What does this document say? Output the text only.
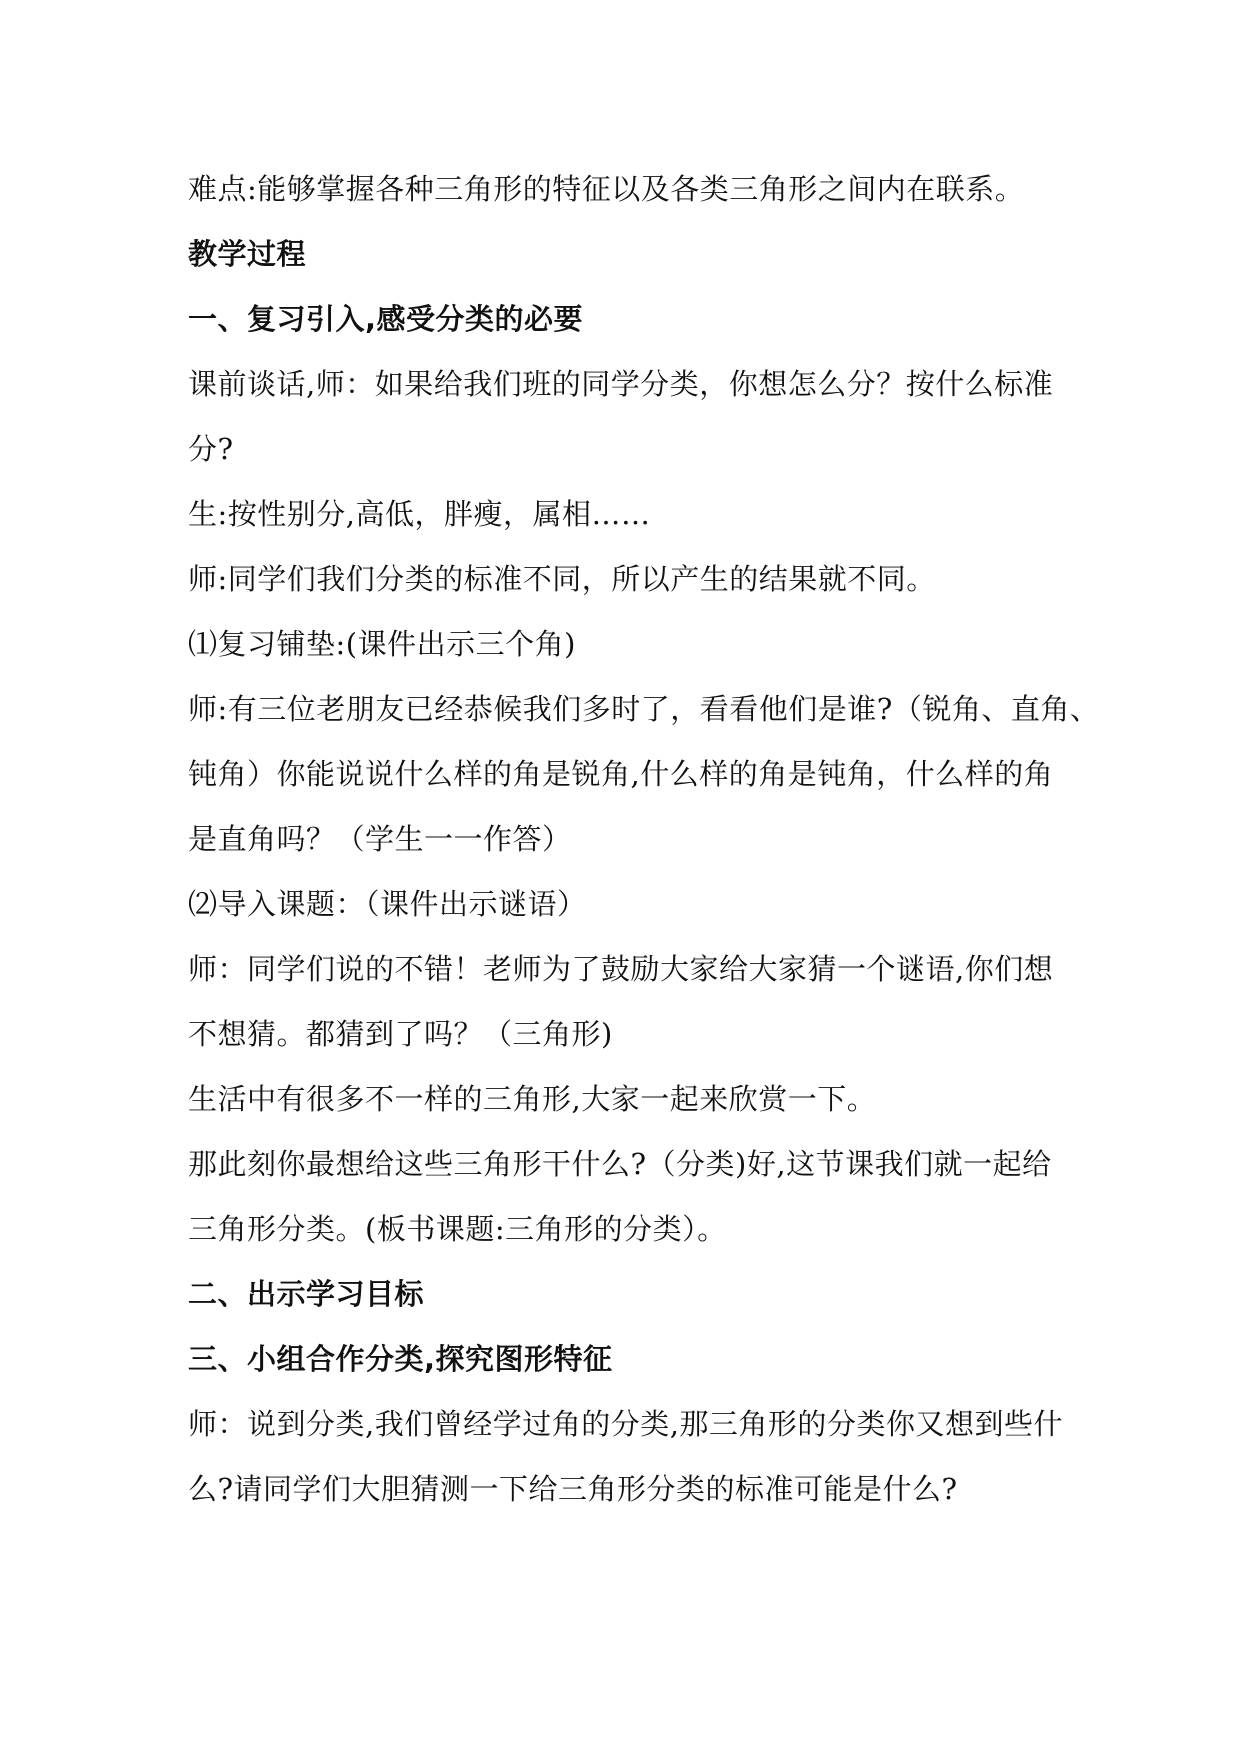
难点:能够掌握各种三角形的特征以及各类三角形之间内在联系。
教学过程
一、复习引入,感受分类的必要
课前谈话,师：如果给我们班的同学分类，你想怎么分？按什么标准
分?
生:按性别分,高低，胖瘦，属相……
师:同学们我们分类的标准不同，所以产生的结果就不同。
⑴复习铺垫:(课件出示三个角)
师:有三位老朋友已经恭候我们多时了，看看他们是谁?（锐角、直角、
钝角）你能说说什么样的角是锐角,什么样的角是钝角，什么样的角
是直角吗？（学生一一作答）
⑵导入课题：（课件出示谜语）
师：同学们说的不错！老师为了鼓励大家给大家猜一个谜语,你们想
不想猜。都猜到了吗？（三角形)
生活中有很多不一样的三角形,大家一起来欣赏一下。
那此刻你最想给这些三角形干什么?（分类)好,这节课我们就一起给
三角形分类。(板书课题:三角形的分类）。
二、出示学习目标
三、小组合作分类,探究图形特征
师：说到分类,我们曾经学过角的分类,那三角形的分类你又想到些什
么?请同学们大胆猜测一下给三角形分类的标准可能是什么?
